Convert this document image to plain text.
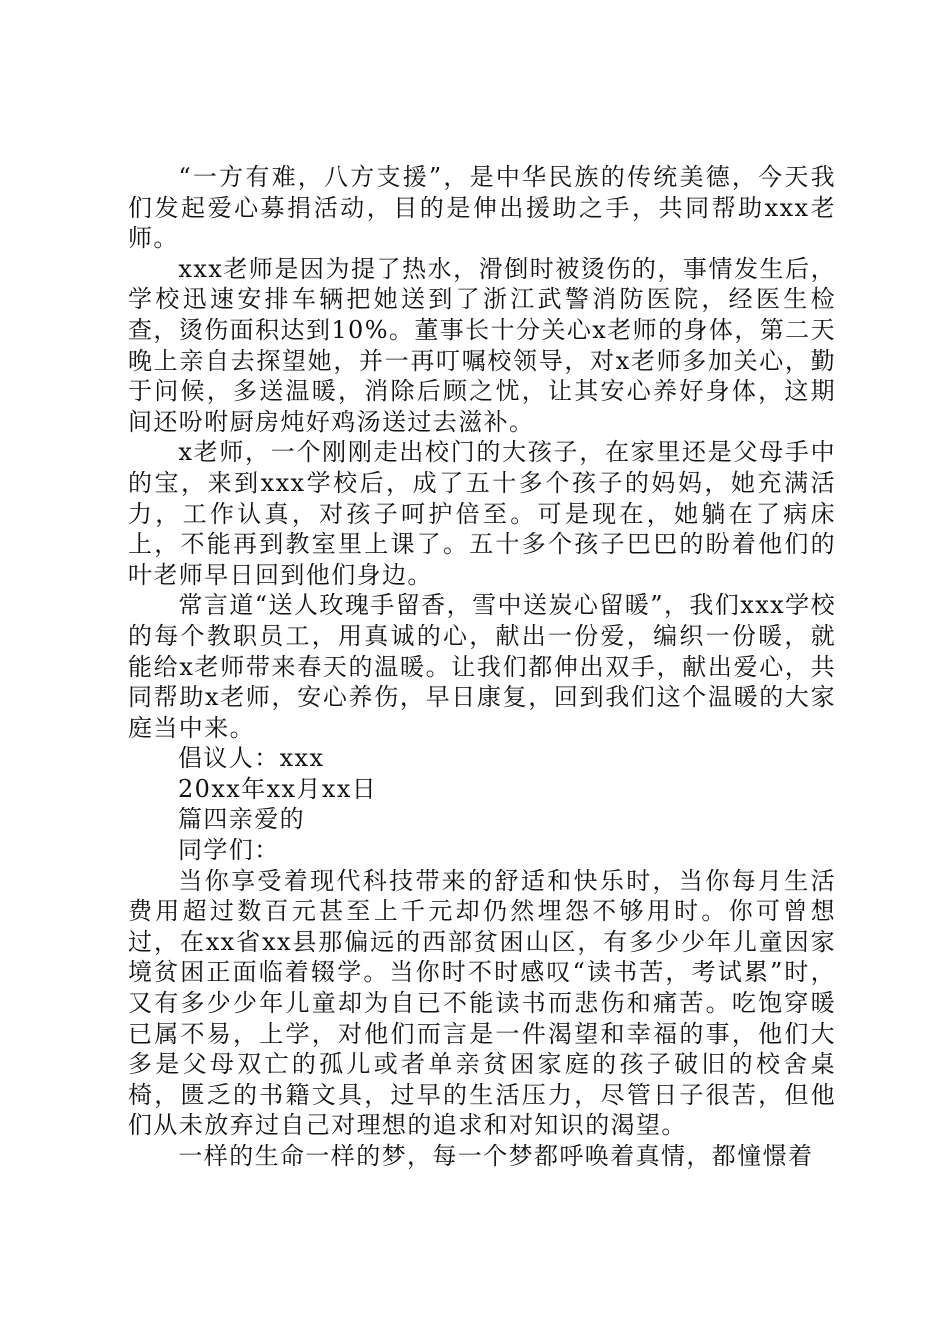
“一方有难，八方支援”，是中华民族的传统美德，今天我们发起爱心募捐活动，目的是伸出援助之手，共同帮助xxx老师。

xxx老师是因为提了热水，滑倒时被烫伤的，事情发生后，学校迅速安排车辆把她送到了浙江武警消防医院，经医生检查，烫伤面积达到10%。董事长十分关心x老师的身体，第二天晚上亲自去探望她，并一再叮嘱校领导，对x老师多加关心，勤于问候，多送温暖，消除后顾之忧，让其安心养好身体，这期间还吩咐厨房炖好鸡汤送过去滋补。

x老师，一个刚刚走出校门的大孩子，在家里还是父母手中的宝，来到xxx学校后，成了五十多个孩子的妈妈，她充满活力，工作认真，对孩子呵护倍至。可是现在，她躺在了病床上，不能再到教室里上课了。五十多个孩子巴巴的盼着他们的叶老师早日回到他们身边。

常言道“送人玫瑰手留香，雪中送炭心留暖”，我们xxx学校的每个教职员工，用真诚的心，献出一份爱，编织一份暖，就能给x老师带来春天的温暖。让我们都伸出双手，献出爱心，共同帮助x老师，安心养伤，早日康复，回到我们这个温暖的大家庭当中来。

倡议人：xxx

20xx年xx月xx日

篇四亲爱的

同学们：

当你享受着现代科技带来的舒适和快乐时，当你每月生活费用超过数百元甚至上千元却仍然埋怨不够用时。你可曾想过，在xx省xx县那偏远的西部贫困山区，有多少少年儿童因家境贫困正面临着辍学。当你时不时感叹“读书苦，考试累”时，又有多少少年儿童却为自已不能读书而悲伤和痛苦。吃饱穿暖已属不易，上学，对他们而言是一件渴望和幸福的事，他们大多是父母双亡的孤儿或者单亲贫困家庭的孩子破旧的校舍桌椅，匮乏的书籍文具，过早的生活压力，尽管日子很苦，但他们从未放弃过自己对理想的追求和对知识的渴望。

一样的生命一样的梦，每一个梦都呼唤着真情，都憧憬着
